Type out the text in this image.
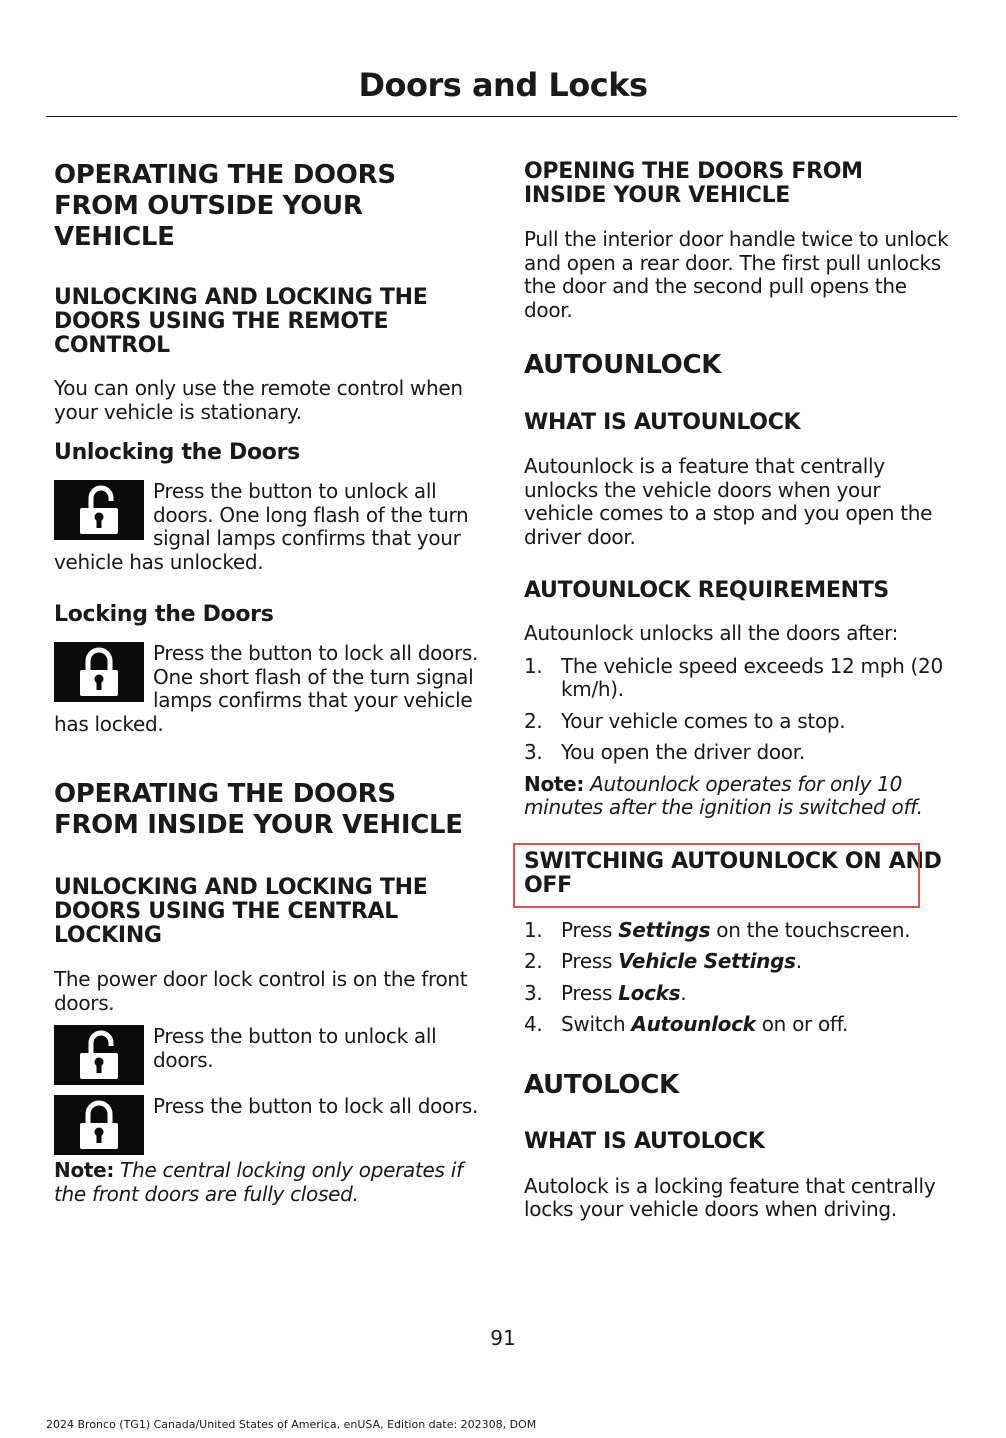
Doors and Locks
OPERATING THE DOORS FROM OUTSIDE YOUR VEHICLE
UNLOCKING AND LOCKING THE DOORS USING THE REMOTE CONTROL
You can only use the remote control when your vehicle is stationary.
Unlocking the Doors
Press the button to unlock all doors. One long flash of the turn signal lamps confirms that your vehicle has unlocked.
Locking the Doors
Press the button to lock all doors. One short flash of the turn signal lamps confirms that your vehicle has locked.
OPERATING THE DOORS FROM INSIDE YOUR VEHICLE
UNLOCKING AND LOCKING THE DOORS USING THE CENTRAL LOCKING
The power door lock control is on the front doors.
Press the button to unlock all doors.
Press the button to lock all doors.
Note: The central locking only operates if the front doors are fully closed.
OPENING THE DOORS FROM INSIDE YOUR VEHICLE
Pull the interior door handle twice to unlock and open a rear door. The first pull unlocks the door and the second pull opens the door.
AUTOUNLOCK
WHAT IS AUTOUNLOCK
Autounlock is a feature that centrally unlocks the vehicle doors when your vehicle comes to a stop and you open the driver door.
AUTOUNLOCK REQUIREMENTS
Autounlock unlocks all the doors after:
1. The vehicle speed exceeds 12 mph (20 km/h).
2. Your vehicle comes to a stop.
3. You open the driver door.
Note: Autounlock operates for only 10 minutes after the ignition is switched off.
SWITCHING AUTOUNLOCK ON AND OFF
1. Press Settings on the touchscreen.
2. Press Vehicle Settings.
3. Press Locks.
4. Switch Autounlock on or off.
AUTOLOCK
WHAT IS AUTOLOCK
Autolock is a locking feature that centrally locks your vehicle doors when driving.
91
2024 Bronco (TG1) Canada/United States of America, enUSA, Edition date: 202308, DOM
